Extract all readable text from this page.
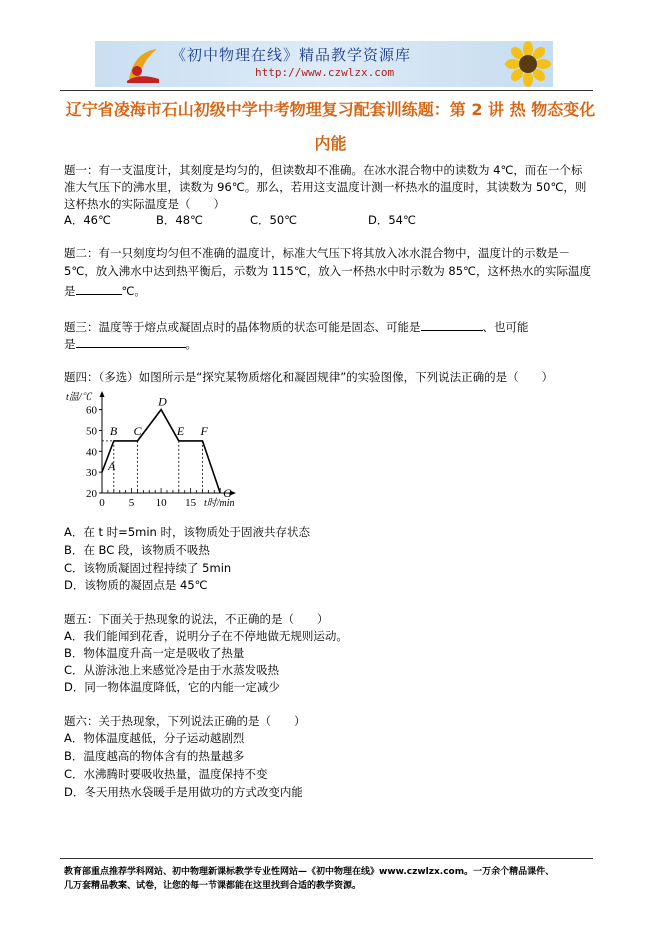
《初中物理在线》精品教学资源库
http://www.czwlzx.com
辽宁省凌海市石山初级中学中考物理复习配套训练题：第 2 讲 热 物态变化
内能
题一：有一支温度计，其刻度是均匀的，但读数却不准确。在冰水混合物中的读数为 4℃，而在一个标
准大气压下的沸水里，读数为 96℃。那么，若用这支温度计测一杯热水的温度时，其读数为 50℃，则
这杯热水的实际温度是（　　）
A．46℃	B．48℃	C．50℃	D．54℃
题二：有一只刻度均匀但不准确的温度计，标准大气压下将其放入冰水混合物中，温度计的示数是－
5℃，放入沸水中达到热平衡后，示数为 115℃，放入一杯热水中时示数为 85℃，这杯热水的实际温度
是	℃。
题三：温度等于熔点或凝固点时的晶体物质的状态可能是固态、可能是	、也可能
是	。
题四：（多选）如图所示是“探究某物质熔化和凝固规律”的实验图像，下列说法正确的是（　　）
20
30
40
50
60
0 5 10 15
t温/℃
t时/min
A
B C
D
E F
G
A．在 t 时=5min 时，该物质处于固液共存状态
B．在 BC 段，该物质不吸热
C．该物质凝固过程持续了 5min
D．该物质的凝固点是 45℃
题五：下面关于热现象的说法，不正确的是（　　）
A．我们能闻到花香，说明分子在不停地做无规则运动。
B．物体温度升高一定是吸收了热量
C．从游泳池上来感觉冷是由于水蒸发吸热
D．同一物体温度降低，它的内能一定减少
题六：关于热现象，下列说法正确的是（　　）
A．物体温度越低，分子运动越剧烈
B．温度越高的物体含有的热量越多
C．水沸腾时要吸收热量，温度保持不变
D．冬天用热水袋暖手是用做功的方式改变内能
教育部重点推荐学科网站、初中物理新课标教学专业性网站—《初中物理在线》www.czwlzx.com。一万余个精品课件、
几万套精品教案、试卷，让您的每一节课都能在这里找到合适的教学资源。
